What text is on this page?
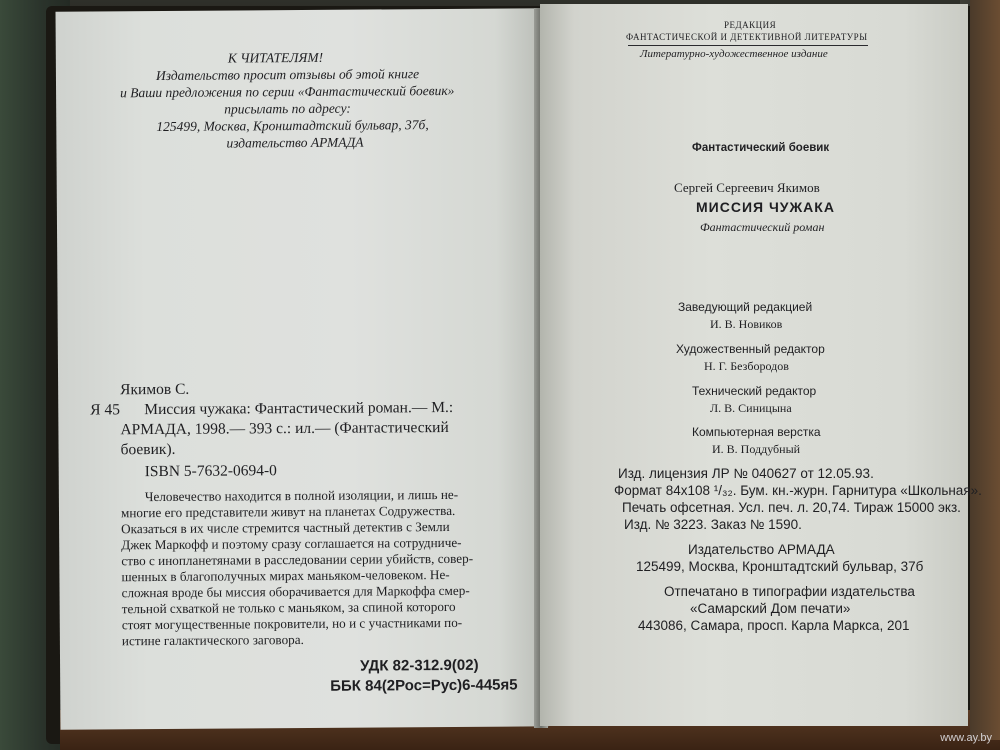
К ЧИТАТЕЛЯМ!
Издательство просит отзывы об этой книге
и Ваши предложения по серии «Фантастический боевик»
присылать по адресу:
125499, Москва, Кронштадтский бульвар, 37б,
издательство АРМАДА
Якимов С.
Я 45 Миссия чужака: Фантастический роман.— М.:
АРМАДА, 1998.— 393 с.: ил.— (Фантастический
боевик).
ISBN 5-7632-0694-0
Человечество находится в полной изоляции, и лишь не-
многие его представители живут на планетах Содружества.
Оказаться в их числе стремится частный детектив с Земли
Джек Маркофф и поэтому сразу соглашается на сотрудниче-
ство с инопланетянами в расследовании серии убийств, совер-
шенных в благополучных мирах маньяком-человеком. Не-
сложная вроде бы миссия оборачивается для Маркоффа смер-
тельной схваткой не только с маньяком, за спиной которого
стоят могущественные покровители, но и с участниками по-
истине галактического заговора.
УДК 82-312.9(02)
ББК 84(2Рос=Рус)6-445я5
РЕДАКЦИЯ
ФАНТАСТИЧЕСКОЙ И ДЕТЕКТИВНОЙ ЛИТЕРАТУРЫ
Литературно-художественное издание
Фантастический боевик
Сергей Сергеевич Якимов
МИССИЯ ЧУЖАКА
Фантастический роман
Заведующий редакцией
И. В. Новиков
Художественный редактор
Н. Г. Безбородов
Технический редактор
Л. В. Синицына
Компьютерная верстка
И. В. Поддубный
Изд. лицензия ЛР № 040627 от 12.05.93.
Формат 84x108 ¹/₃₂. Бум. кн.-журн. Гарнитура «Школьная».
Печать офсетная. Усл. печ. л. 20,74. Тираж 15000 экз.
Изд. № 3223. Заказ № 1590.
Издательство АРМАДА
125499, Москва, Кронштадтский бульвар, 37б
Отпечатано в типографии издательства
«Самарский Дом печати»
443086, Самара, просп. Карла Маркса, 201
www.ay.by
